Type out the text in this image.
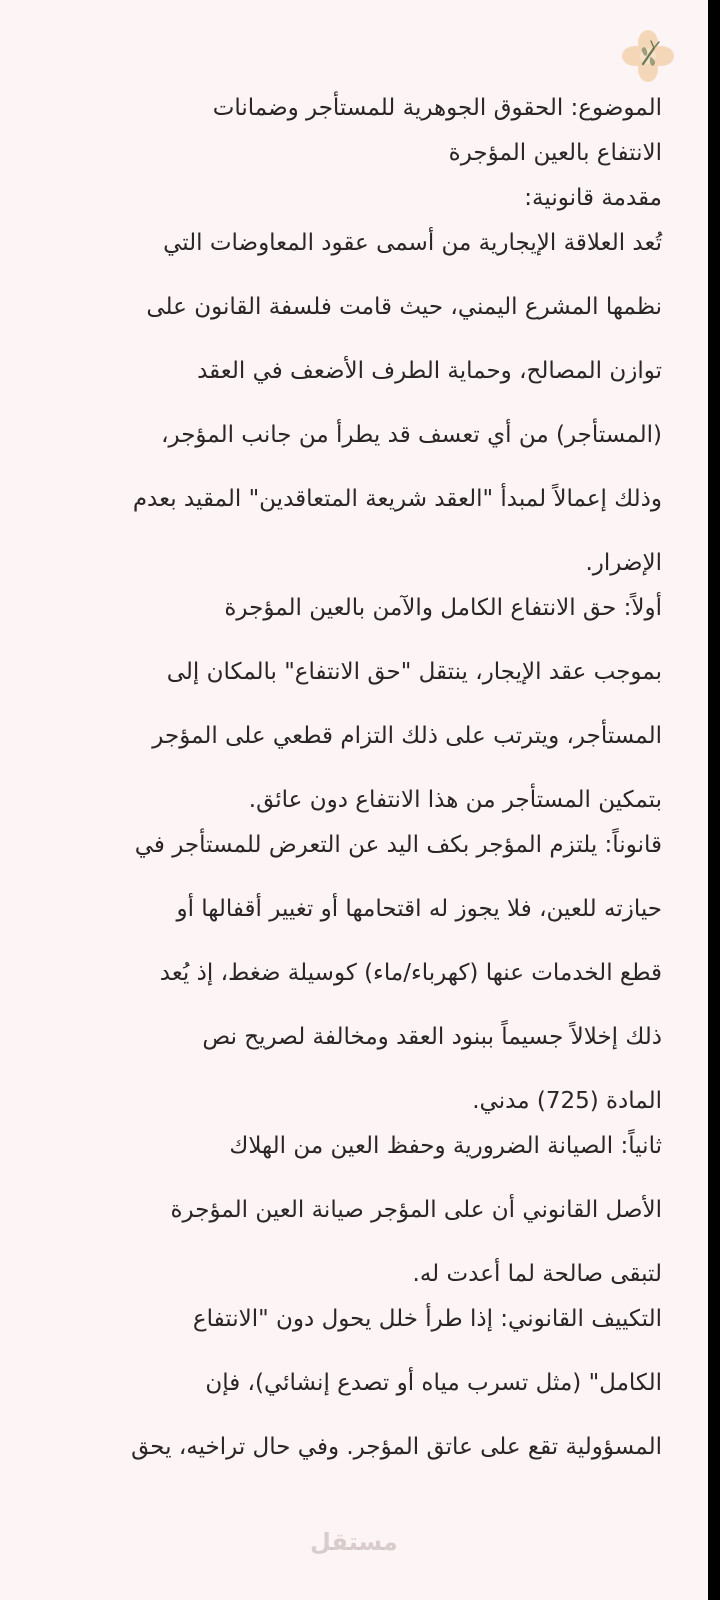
الموضوع: الحقوق الجوهرية للمستأجر وضمانات
الانتفاع بالعين المؤجرة
مقدمة قانونية:
تُعد العلاقة الإيجارية من أسمى عقود المعاوضات التي
نظمها المشرع اليمني، حيث قامت فلسفة القانون على
توازن المصالح، وحماية الطرف الأضعف في العقد
(المستأجر) من أي تعسف قد يطرأ من جانب المؤجر،
وذلك إعمالاً لمبدأ "العقد شريعة المتعاقدين" المقيد بعدم
الإضرار.
أولاً: حق الانتفاع الكامل والآمن بالعين المؤجرة
بموجب عقد الإيجار، ينتقل "حق الانتفاع" بالمكان إلى
المستأجر، ويترتب على ذلك التزام قطعي على المؤجر
بتمكين المستأجر من هذا الانتفاع دون عائق.
قانوناً: يلتزم المؤجر بكف اليد عن التعرض للمستأجر في
حيازته للعين، فلا يجوز له اقتحامها أو تغيير أقفالها أو
قطع الخدمات عنها (كهرباء/ماء) كوسيلة ضغط، إذ يُعد
ذلك إخلالاً جسيماً ببنود العقد ومخالفة لصريح نص
المادة (725) مدني.
ثانياً: الصيانة الضرورية وحفظ العين من الهلاك
الأصل القانوني أن على المؤجر صيانة العين المؤجرة
لتبقى صالحة لما أعدت له.
التكييف القانوني: إذا طرأ خلل يحول دون "الانتفاع
الكامل" (مثل تسرب مياه أو تصدع إنشائي)، فإن
المسؤولية تقع على عاتق المؤجر. وفي حال تراخيه، يحق
مستقل
